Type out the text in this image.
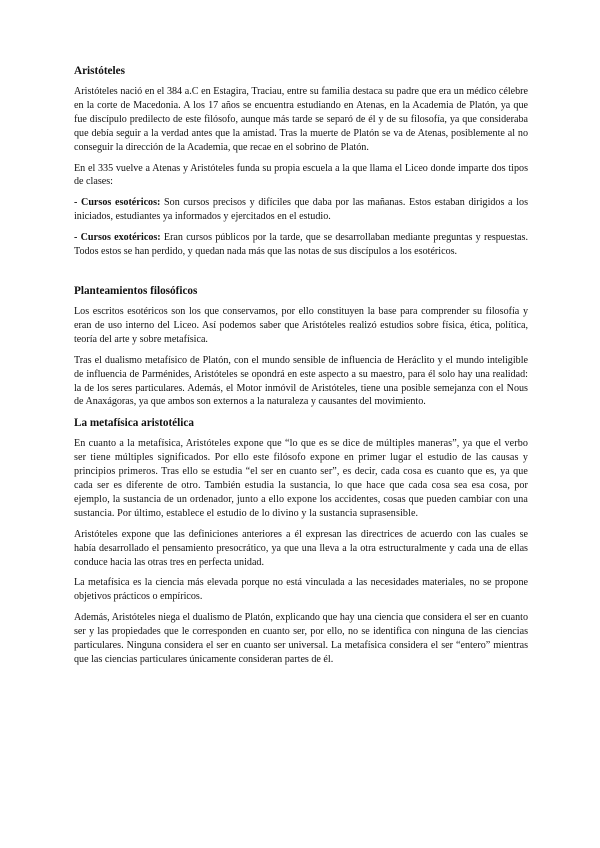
Aristóteles

Aristóteles nació en el 384 a.C en Estagira, Traciau, entre su familia destaca su padre que era un médico célebre en la corte de Macedonia. A los 17 años se encuentra estudiando en Atenas, en la Academia de Platón, ya que fue discípulo predilecto de este filósofo, aunque más tarde se separó de él y de su filosofía, ya que consideraba que debía seguir a la verdad antes que la amistad. Tras la muerte de Platón se va de Atenas, posiblemente al no conseguir la dirección de la Academia, que recae en el sobrino de Platón.

En el 335 vuelve a Atenas y Aristóteles funda su propia escuela a la que llama el Liceo donde imparte dos tipos de clases:

- Cursos esotéricos: Son cursos precisos y difíciles que daba por las mañanas. Estos estaban dirigidos a los iniciados, estudiantes ya informados y ejercitados en el estudio.

- Cursos exotéricos: Eran cursos públicos por la tarde, que se desarrollaban mediante preguntas y respuestas. Todos estos se han perdido, y quedan nada más que las notas de sus discípulos a los esotéricos.

Planteamientos filosóficos

Los escritos esotéricos son los que conservamos, por ello constituyen la base para comprender su filosofía y eran de uso interno del Liceo. Así podemos saber que Aristóteles realizó estudios sobre física, ética, política, teoría del arte y sobre metafísica.

Tras el dualismo metafísico de Platón, con el mundo sensible de influencia de Heráclito y el mundo inteligible de influencia de Parménides, Aristóteles se opondrá en este aspecto a su maestro, para él solo hay una realidad: la de los seres particulares. Además, el Motor inmóvil de Aristóteles, tiene una posible semejanza con el Nous de Anaxágoras, ya que ambos son externos a la naturaleza y causantes del movimiento.

La metafísica aristotélica

En cuanto a la metafísica, Aristóteles expone que “lo que es se dice de múltiples maneras”, ya que el verbo ser tiene múltiples significados. Por ello este filósofo expone en primer lugar el estudio de las causas y principios primeros. Tras ello se estudia “el ser en cuanto ser”, es decir, cada cosa es cuanto que es, ya que cada ser es diferente de otro. También estudia la sustancia, lo que hace que cada cosa sea esa cosa, por ejemplo, la sustancia de un ordenador, junto a ello expone los accidentes, cosas que pueden cambiar con una sustancia. Por último, establece el estudio de lo divino y la sustancia suprasensible.

Aristóteles expone que las definiciones anteriores a él expresan las directrices de acuerdo con las cuales se había desarrollado el pensamiento presocrático, ya que una lleva a la otra estructuralmente y cada una de ellas conduce hacia las otras tres en perfecta unidad.

La metafísica es la ciencia más elevada porque no está vinculada a las necesidades materiales, no se propone objetivos prácticos o empíricos.

Además, Aristóteles niega el dualismo de Platón, explicando que hay una ciencia que considera el ser en cuanto ser y las propiedades que le corresponden en cuanto ser, por ello, no se identifica con ninguna de las ciencias particulares. Ninguna considera el ser en cuanto ser universal. La metafísica considera el ser “entero” mientras que las ciencias particulares únicamente consideran partes de él.
